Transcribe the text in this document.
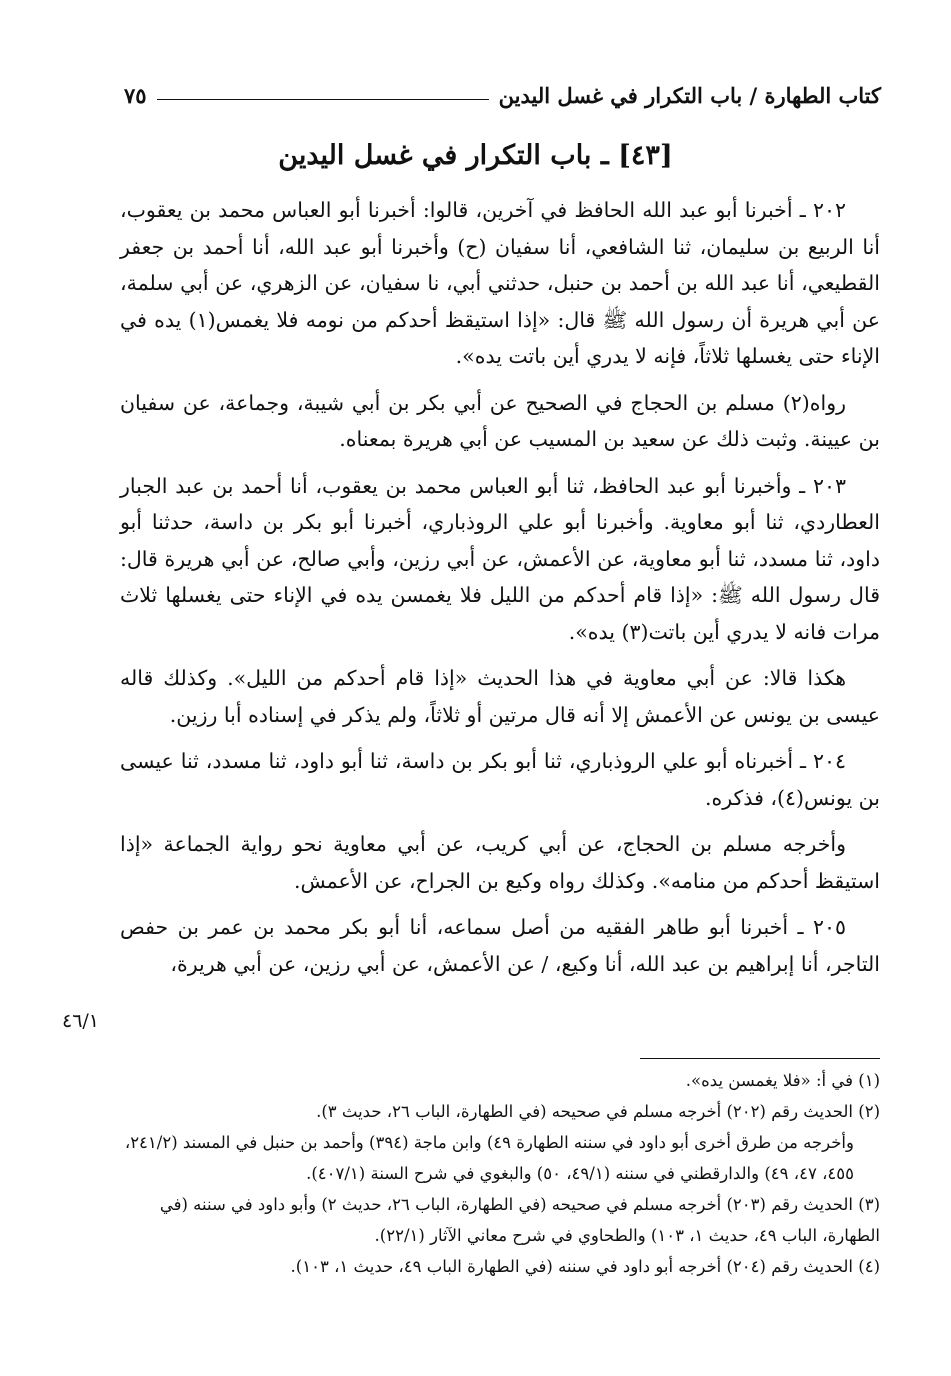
كتاب الطهارة / باب التكرار في غسل اليدين
٧٥
[٤٣] ـ باب التكرار في غسل اليدين

٢٠٢ ـ أخبرنا أبو عبد الله الحافظ في آخرين، قالوا: أخبرنا أبو العباس محمد بن يعقوب، أنا الربيع بن سليمان، ثنا الشافعي، أنا سفيان (ح) وأخبرنا أبو عبد الله، أنا أحمد بن جعفر القطيعي، أنا عبد الله بن أحمد بن حنبل، حدثني أبي، نا سفيان، عن الزهري، عن أبي سلمة، عن أبي هريرة أن رسول الله ﷺ قال: «إذا استيقظ أحدكم من نومه فلا يغمس(١) يده في الإناء حتى يغسلها ثلاثاً، فإنه لا يدري أين باتت يده».

رواه(٢) مسلم بن الحجاج في الصحيح عن أبي بكر بن أبي شيبة، وجماعة، عن سفيان بن عيينة. وثبت ذلك عن سعيد بن المسيب عن أبي هريرة بمعناه.

٢٠٣ ـ وأخبرنا أبو عبد الحافظ، ثنا أبو العباس محمد بن يعقوب، أنا أحمد بن عبد الجبار العطاردي، ثنا أبو معاوية. وأخبرنا أبو علي الروذباري، أخبرنا أبو بكر بن داسة، حدثنا أبو داود، ثنا مسدد، ثنا أبو معاوية، عن الأعمش، عن أبي رزين، وأبي صالح، عن أبي هريرة قال: قال رسول الله ﷺ: «إذا قام أحدكم من الليل فلا يغمسن يده في الإناء حتى يغسلها ثلاث مرات فانه لا يدري أين باتت(٣) يده».

هكذا قالا: عن أبي معاوية في هذا الحديث «إذا قام أحدكم من الليل». وكذلك قاله عيسى بن يونس عن الأعمش إلا أنه قال مرتين أو ثلاثاً، ولم يذكر في إسناده أبا رزين.

٢٠٤ ـ أخبرناه أبو علي الروذباري، ثنا أبو بكر بن داسة، ثنا أبو داود، ثنا مسدد، ثنا عيسى بن يونس(٤)، فذكره.

وأخرجه مسلم بن الحجاج، عن أبي كريب، عن أبي معاوية نحو رواية الجماعة «إذا استيقظ أحدكم من منامه». وكذلك رواه وكيع بن الجراح، عن الأعمش.

٢٠٥ ـ أخبرنا أبو طاهر الفقيه من أصل سماعه، أنا أبو بكر محمد بن عمر بن حفص التاجر، أنا إبراهيم بن عبد الله، أنا وكيع، / عن الأعمش، عن أبي رزين، عن أبي هريرة،

٤٦/١

(١) في أ: «فلا يغمسن يده».

(٢) الحديث رقم (٢٠٢) أخرجه مسلم في صحيحه (في الطهارة، الباب ٢٦، حديث ٣).

وأخرجه من طرق أخرى أبو داود في سننه الطهارة ٤٩) وابن ماجة (٣٩٤) وأحمد بن حنبل في المسند (٢٤١/٢، ٤٥٥، ٤٧، ٤٩) والدارقطني في سننه (٤٩/١، ٥٠) والبغوي في شرح السنة (٤٠٧/١).

(٣) الحديث رقم (٢٠٣) أخرجه مسلم في صحيحه (في الطهارة، الباب ٢٦، حديث ٢) وأبو داود في سننه (في الطهارة، الباب ٤٩، حديث ١، ١٠٣) والطحاوي في شرح معاني الآثار (٢٢/١).

(٤) الحديث رقم (٢٠٤) أخرجه أبو داود في سننه (في الطهارة الباب ٤٩، حديث ١، ١٠٣).
